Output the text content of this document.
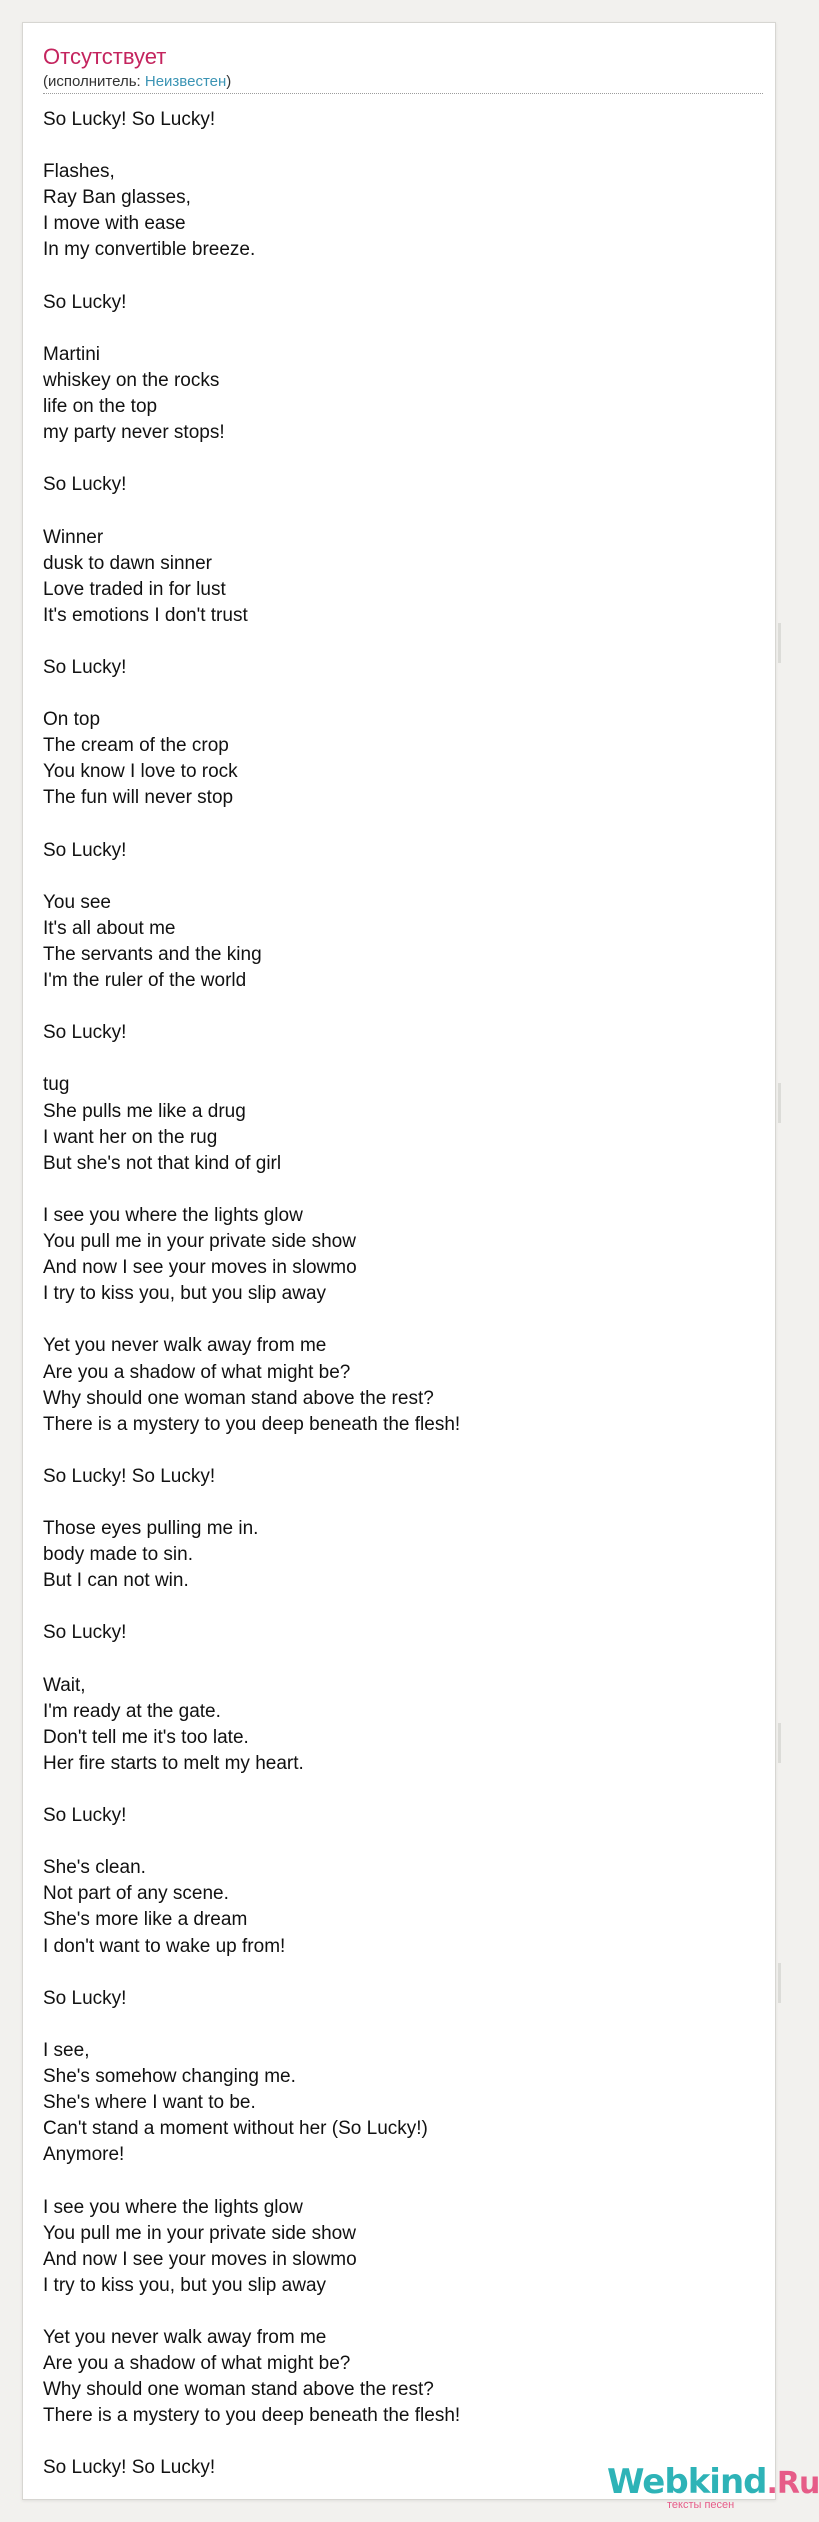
Отсутствует
(исполнитель: Неизвестен)
So Lucky! So Lucky!
Flashes,
Ray Ban glasses,
I move with ease
In my convertible breeze.
So Lucky!
Martini
whiskey on the rocks
life on the top
my party never stops!
So Lucky!
Winner
dusk to dawn sinner
Love traded in for lust
It's emotions I don't trust
So Lucky!
On top
The cream of the crop
You know I love to rock
The fun will never stop
So Lucky!
You see
It's all about me
The servants and the king
I'm the ruler of the world
So Lucky!
tug
She pulls me like a drug
I want her on the rug
But she's not that kind of girl
I see you where the lights glow
You pull me in your private side show
And now I see your moves in slowmo
I try to kiss you, but you slip away
Yet you never walk away from me
Are you a shadow of what might be?
Why should one woman stand above the rest?
There is a mystery to you deep beneath the flesh!
So Lucky! So Lucky!
Those eyes pulling me in.
body made to sin.
But I can not win.
So Lucky!
Wait,
I'm ready at the gate.
Don't tell me it's too late.
Her fire starts to melt my heart.
So Lucky!
She's clean.
Not part of any scene.
She's more like a dream
I don't want to wake up from!
So Lucky!
I see,
She's somehow changing me.
She's where I want to be.
Can't stand a moment without her (So Lucky!)
Anymore!
I see you where the lights glow
You pull me in your private side show
And now I see your moves in slowmo
I try to kiss you, but you slip away
Yet you never walk away from me
Are you a shadow of what might be?
Why should one woman stand above the rest?
There is a mystery to you deep beneath the flesh!
So Lucky! So Lucky!	Webkind.Ru
тексты песен
